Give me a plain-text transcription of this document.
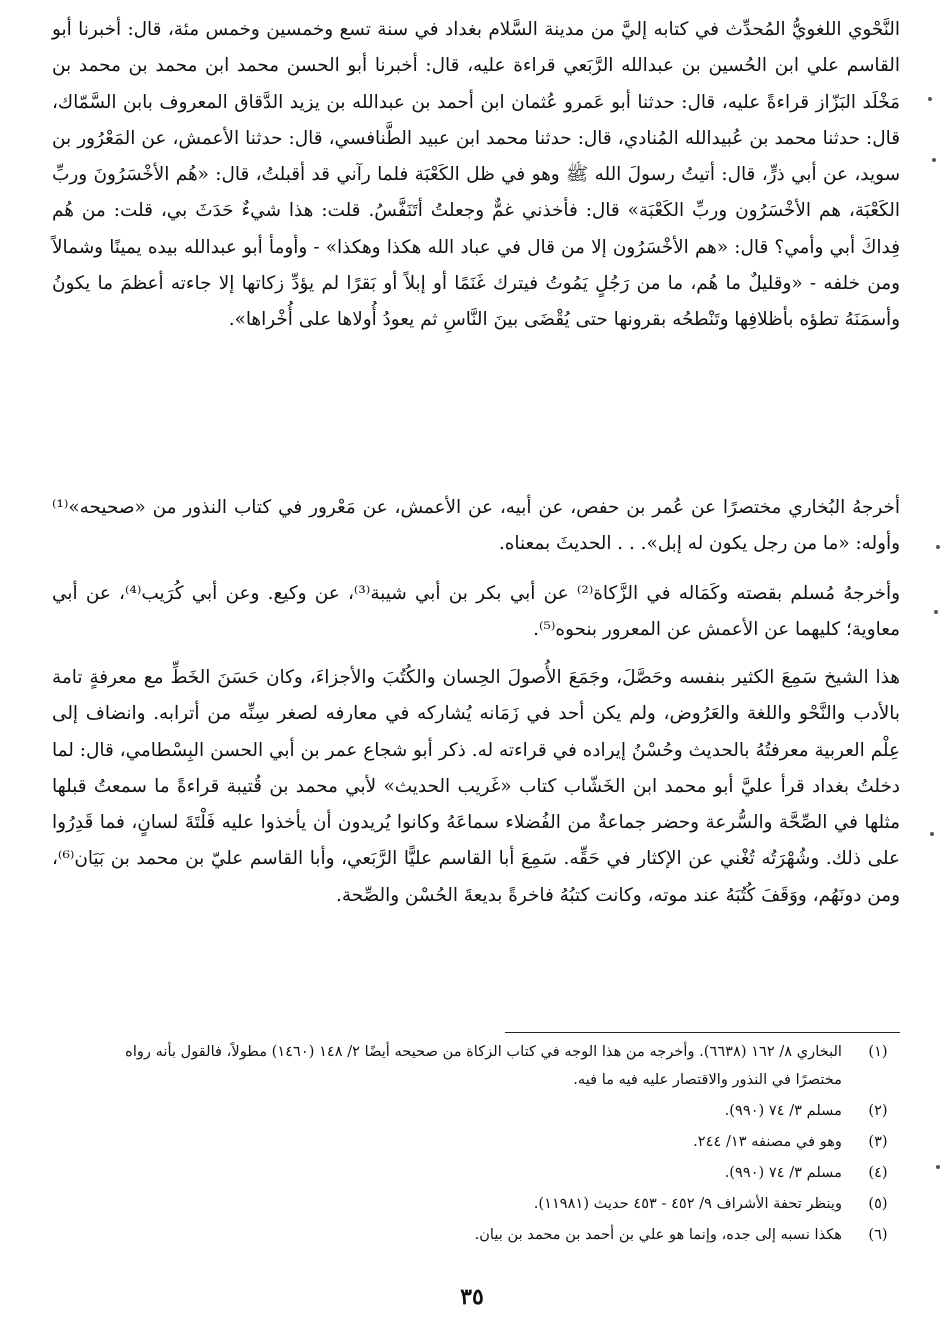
النَّحْوي اللغويُّ المُحدِّث في كتابه إليَّ من مدينة السَّلام بغداد في سنة تسع وخمسين وخمس مئة، قال: أخبرنا أبو القاسم علي ابن الحُسين بن عبدالله الرَّبَعي قراءة عليه، قال: أخبرنا أبو الحسن محمد ابن محمد بن محمد بن مَخْلَد البَزّاز قراءةً عليه، قال: حدثنا أبو عَمرو عُثمان ابن أحمد بن عبدالله بن يزيد الدَّقاق المعروف بابن السَّمّاك، قال: حدثنا محمد بن عُبيدالله المُنادي، قال: حدثنا محمد ابن عبيد الطَّنافسي، قال: حدثنا الأعمش، عن المَعْرُور بن سويد، عن أبي ذرٍّ، قال: أتيتُ رسولَ الله ﷺ وهو في ظل الكَعْبَة فلما رآني قد أقبلتُ، قال: «هُم الأخْسَرُونَ وربِّ الكَعْبَة، هم الأخْسَرُون وربِّ الكَعْبَة» قال: فأخذني غمٌّ وجعلتُ أتَنَفَّسُ. قلت: هذا شيءٌ حَدَثَ بي، قلت: من هُم فِداكَ أبي وأمي؟ قال: «هم الأخْسَرُون إلا من قال في عباد الله هكذا وهكذا» - وأومأ أبو عبدالله بيده يمينًا وشمالاً ومن خلفه - «وقليلٌ ما هُم، ما من رَجُلٍ يَمُوتُ فيترك غَنَمًا أو إبلاً أو بَقرًا لم يؤدِّ زكاتها إلا جاءته أعظمَ ما يكونُ وأسمَنَهُ تطؤه بأظلافِها وتَنْطحُه بقرونها حتى يُقْضَى بينَ النَّاسِ ثم يعودُ أُولاها على أُخْراها».

أخرجهُ البُخاري مختصرًا عن عُمر بن حفص، عن أبيه، عن الأعمش، عن مَعْرور في كتاب النذور من «صحيحه»⁽¹⁾ وأوله: «ما من رجل يكون له إبل». . . الحديثَ بمعناه.

وأخرجهُ مُسلم بقصته وكَمَاله في الزَّكاة⁽²⁾ عن أبي بكر بن أبي شيبة⁽³⁾، عن وكيع. وعن أبي كُرَيب⁽⁴⁾، عن أبي معاوية؛ كليهما عن الأعمش عن المعرور بنحوه⁽⁵⁾.

هذا الشيخ سَمِعَ الكثير بنفسه وحَصَّلَ، وجَمَعَ الأُصولَ الحِسان والكُتُبَ والأجزاءَ، وكان حَسَنَ الخَطِّ مع معرفةٍ تامة بالأدب والنَّحْو واللغة والعَرُوض، ولم يكن أحد في زَمَانه يُشاركه في معارفه لصغر سِنِّه من أترابه. وانضاف إلى عِلْم العربية معرفتُهُ بالحديث وحُسْنُ إيراده في قراءته له. ذكر أبو شجاع عمر بن أبي الحسن البِسْطامي، قال: لما دخلتُ بغداد قرأ عليَّ أبو محمد ابن الخَشّاب كتاب «غَريب الحديث» لأبي محمد بن قُتيبة قراءةً ما سمعتُ قبلها مثلها في الصِّحَّة والسُّرعة وحضر جماعةٌ من الفُضلاء سماعَهُ وكانوا يُريدون أن يأخذوا عليه فَلْتَةَ لسانٍ، فما قَدِرُوا على ذلك. وشُهْرَتُه تُغْني عن الإكثار في حَقِّه. سَمِعَ أبا القاسم عليًّا الرَّبَعي، وأبا القاسم عليّ بن محمد بن بَيَان⁽⁶⁾، ومن دونَهُم، ووَقَفَ كُتُبَهُ عند موته، وكانت كتبُهُ فاخرةً بديعةَ الحُسْن والصِّحة.

(١)
البخاري ٨/ ١٦٢ (٦٦٣٨). وأخرجه من هذا الوجه في كتاب الزكاة من صحيحه أيضًا ٢/ ١٤٨ (١٤٦٠) مطولاً، فالقول بأنه رواه مختصرًا في النذور والاقتصار عليه فيه ما فيه.
(٢)
مسلم ٣/ ٧٤ (٩٩٠).
(٣)
وهو في مصنفه ١٣/ ٢٤٤.
(٤)
مسلم ٣/ ٧٤ (٩٩٠).
(٥)
وينظر تحفة الأشراف ٩/ ٤٥٢ - ٤٥٣ حديث (١١٩٨١).
(٦)
هكذا نسبه إلى جده، وإنما هو علي بن أحمد بن محمد بن بيان.
٣٥
